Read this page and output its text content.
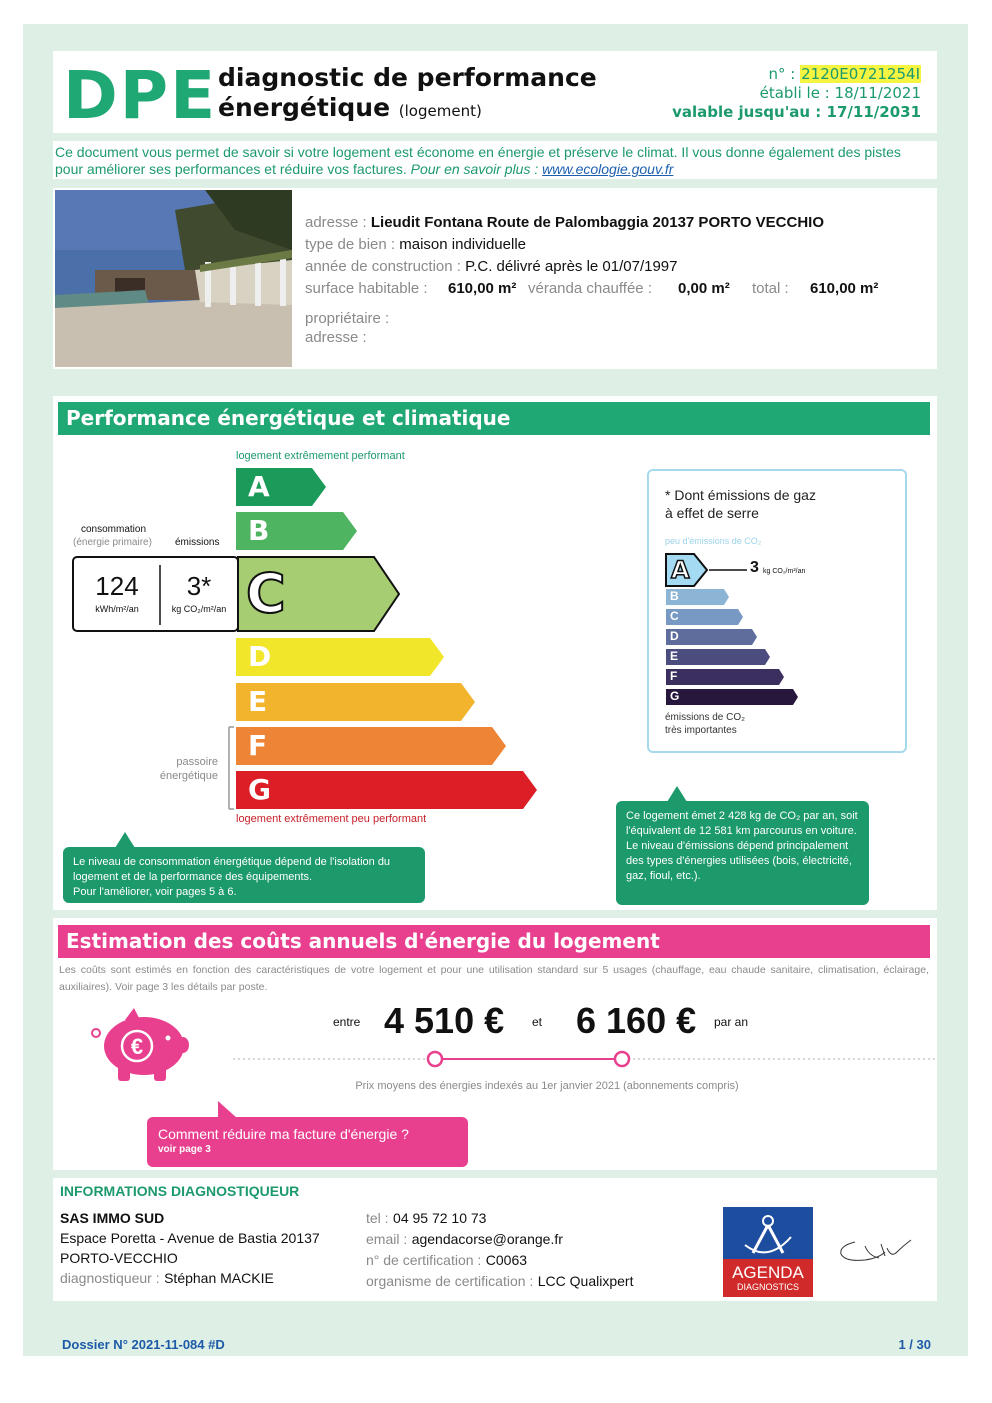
DPE diagnostic de performance
énergétique (logement)
n° : 2120E0721254I
établi le : 18/11/2021
valable jusqu'au : 17/11/2031
Ce document vous permet de savoir si votre logement est économe en énergie et préserve le climat. Il vous donne également des pistes pour améliorer ses performances et réduire vos factures. Pour en savoir plus : www.ecologie.gouv.fr
adresse : Lieudit Fontana Route de Palombaggia 20137 PORTO VECCHIO
type de bien : maison individuelle
année de construction : P.C. délivré après le 01/07/1997
surface habitable : 610,00 m² véranda chauffée : 0,00 m² total : 610,00 m²
propriétaire :
adresse :
Performance énergétique et climatique
logement extrêmement performant
A
B
C
D
E
F
G
consommation
(énergie primaire) émissions
124
kWh/m²/an
3*
kg CO₂/m²/an
passoire
énergétique
logement extrêmement peu performant
* Dont émissions de gaz
à effet de serre
peu d'émissions de CO₂
A	3 kg CO₂/m²/an
B
C
D
E
F
G
émissions de CO₂
très importantes
Le niveau de consommation énergétique dépend de l'isolation du logement et de la performance des équipements.
Pour l'améliorer, voir pages 5 à 6.
Ce logement émet 2 428 kg de CO₂ par an, soit l'équivalent de 12 581 km parcourus en voiture.
Le niveau d'émissions dépend principalement des types d'énergies utilisées (bois, électricité, gaz, fioul, etc.).
Estimation des coûts annuels d'énergie du logement
Les coûts sont estimés en fonction des caractéristiques de votre logement et pour une utilisation standard sur 5 usages (chauffage, eau chaude sanitaire, climatisation, éclairage, auxiliaires). Voir page 3 les détails par poste.
€
entre 4 510 € et 6 160 € par an
Prix moyens des énergies indexés au 1er janvier 2021 (abonnements compris)
Comment réduire ma facture d'énergie ?
voir page 3
INFORMATIONS DIAGNOSTIQUEUR
SAS IMMO SUD
Espace Poretta - Avenue de Bastia 20137
PORTO-VECCHIO
diagnostiqueur : Stéphan MACKIE
tel : 04 95 72 10 73
email : agendacorse@orange.fr
n° de certification : C0063
organisme de certification : LCC Qualixpert	AGENDA
DIAGNOSTICS
Dossier N° 2021-11-084 #D	1 / 30
